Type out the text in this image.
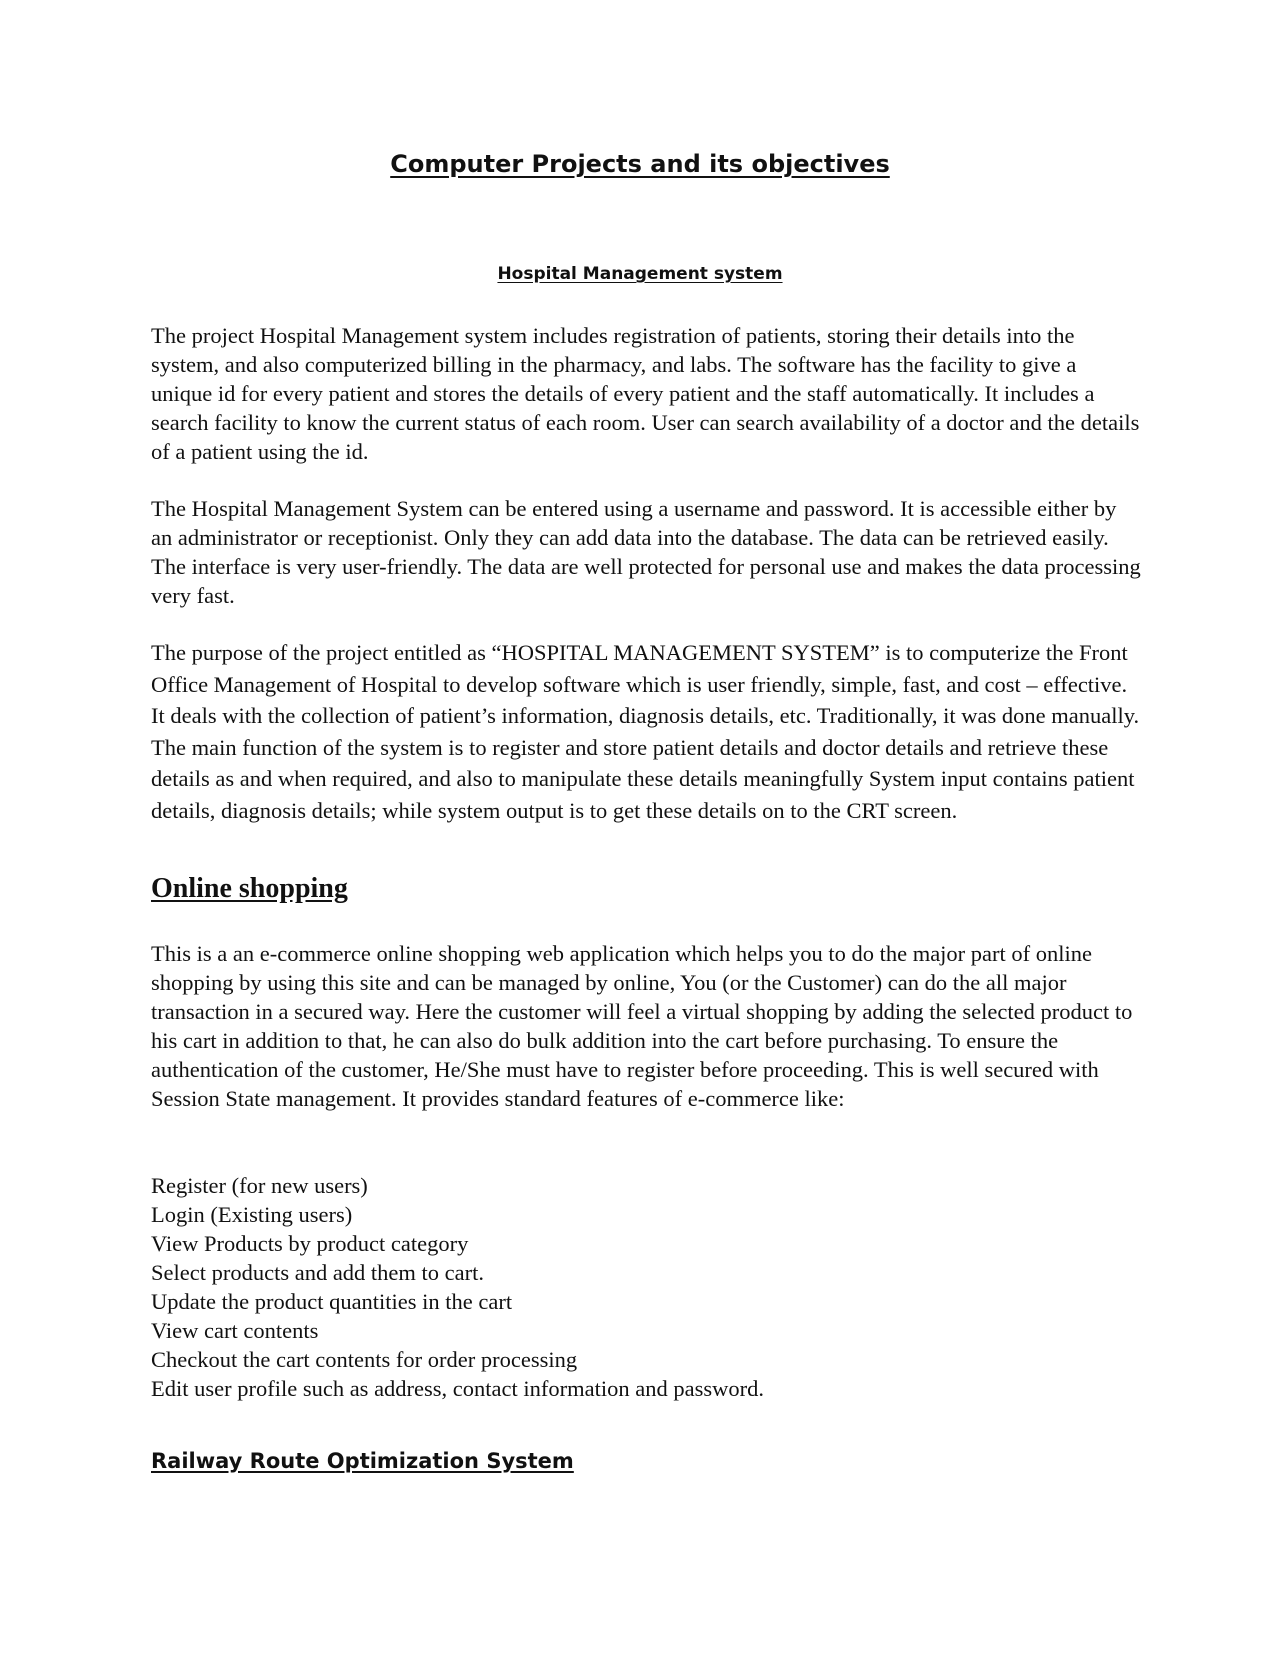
Computer Projects and its objectives
Hospital Management system

The project Hospital Management system includes registration of patients, storing their details into the system, and also computerized billing in the pharmacy, and labs. The software has the facility to give a unique id for every patient and stores the details of every patient and the staff automatically. It includes a search facility to know the current status of each room. User can search availability of a doctor and the details of a patient using the id.

The Hospital Management System can be entered using a username and password. It is accessible either by an administrator or receptionist. Only they can add data into the database. The data can be retrieved easily. The interface is very user-friendly. The data are well protected for personal use and makes the data processing very fast.

The purpose of the project entitled as “HOSPITAL MANAGEMENT SYSTEM” is to computerize the Front Office Management of Hospital to develop software which is user friendly, simple, fast, and cost – effective. It deals with the collection of patient’s information, diagnosis details, etc. Traditionally, it was done manually. The main function of the system is to register and store patient details and doctor details and retrieve these details as and when required, and also to manipulate these details meaningfully System input contains patient details, diagnosis details; while system output is to get these details on to the CRT screen.

Online shopping

This is a an e-commerce online shopping web application which helps you to do the major part of online shopping by using this site and can be managed by online, You (or the Customer) can do the all major transaction in a secured way. Here the customer will feel a virtual shopping by adding the selected product to his cart in addition to that, he can also do bulk addition into the cart before purchasing. To ensure the authentication of the customer, He/She must have to register before proceeding. This is well secured with Session State management. It provides standard features of e-commerce like:

Register (for new users)
Login (Existing users)
View Products by product category
Select products and add them to cart.
Update the product quantities in the cart
View cart contents
Checkout the cart contents for order processing
Edit user profile such as address, contact information and password.
Railway Route Optimization System
